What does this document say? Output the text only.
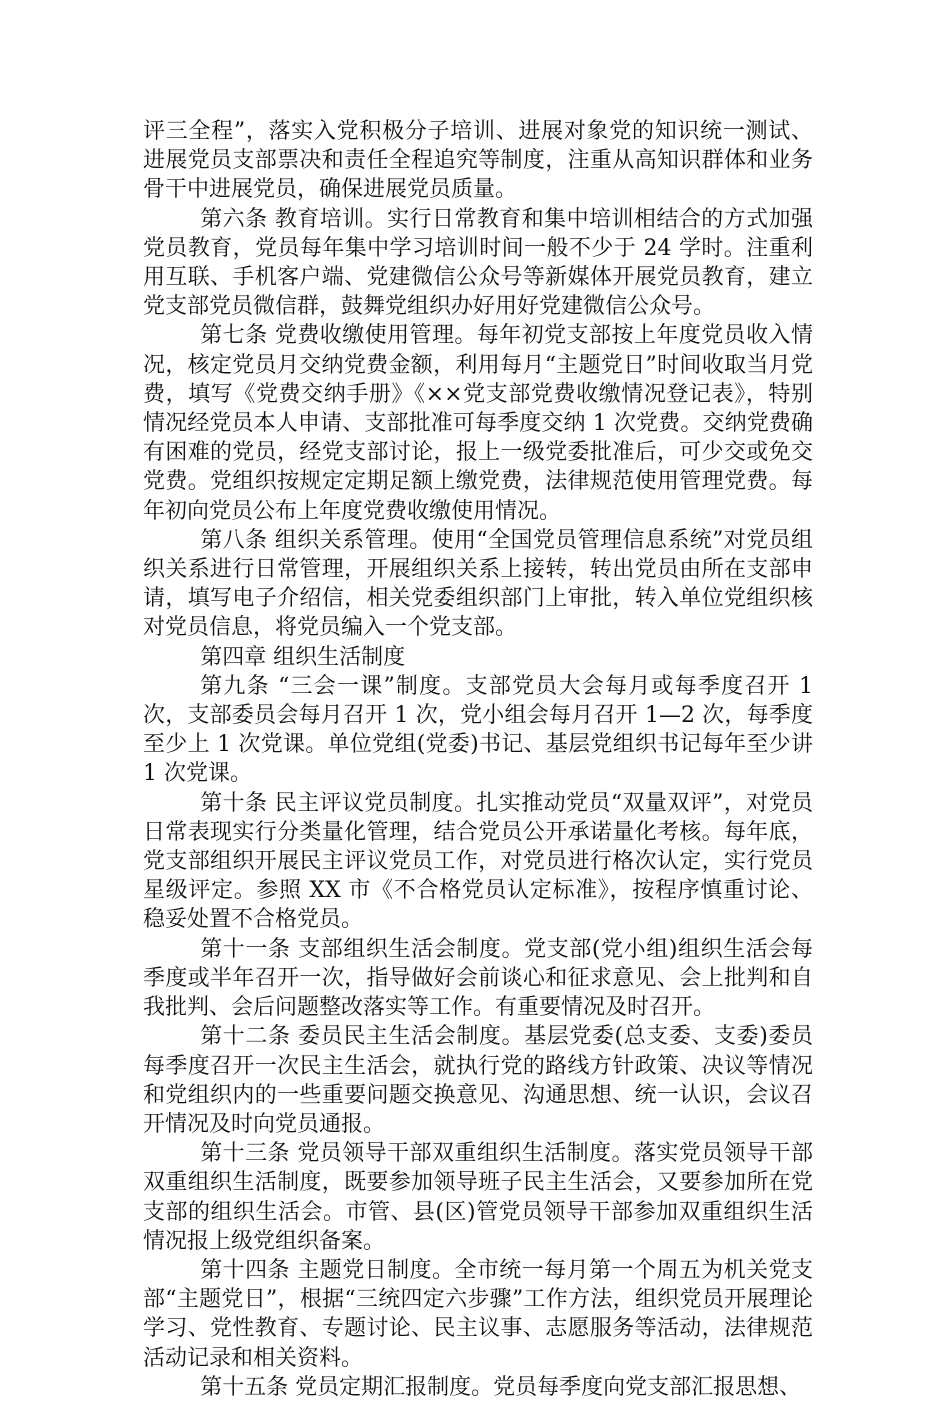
评三全程”，落实入党积极分子培训、进展对象党的知识统一测试、进展党员支部票决和责任全程追究等制度，注重从高知识群体和业务骨干中进展党员，确保进展党员质量。

第六条 教育培训。实行日常教育和集中培训相结合的方式加强党员教育，党员每年集中学习培训时间一般不少于 24 学时。注重利用互联、手机客户端、党建微信公众号等新媒体开展党员教育，建立党支部党员微信群，鼓舞党组织办好用好党建微信公众号。

第七条 党费收缴使用管理。每年初党支部按上年度党员收入情况，核定党员月交纳党费金额，利用每月“主题党日”时间收取当月党费，填写《党费交纳手册》《××党支部党费收缴情况登记表》，特别情况经党员本人申请、支部批准可每季度交纳 1 次党费。交纳党费确有困难的党员，经党支部讨论，报上一级党委批准后，可少交或免交党费。党组织按规定定期足额上缴党费，法律规范使用管理党费。每年初向党员公布上年度党费收缴使用情况。

第八条 组织关系管理。使用“全国党员管理信息系统”对党员组织关系进行日常管理，开展组织关系上接转，转出党员由所在支部申请，填写电子介绍信，相关党委组织部门上审批，转入单位党组织核对党员信息，将党员编入一个党支部。

第四章 组织生活制度

第九条 “三会一课”制度。支部党员大会每月或每季度召开 1 次，支部委员会每月召开 1 次，党小组会每月召开 1—2 次，每季度至少上 1 次党课。单位党组(党委)书记、基层党组织书记每年至少讲 1 次党课。

第十条 民主评议党员制度。扎实推动党员“双量双评”，对党员日常表现实行分类量化管理，结合党员公开承诺量化考核。每年底，党支部组织开展民主评议党员工作，对党员进行格次认定，实行党员星级评定。参照 XX 市《不合格党员认定标准》，按程序慎重讨论、稳妥处置不合格党员。

第十一条 支部组织生活会制度。党支部(党小组)组织生活会每季度或半年召开一次，指导做好会前谈心和征求意见、会上批判和自我批判、会后问题整改落实等工作。有重要情况及时召开。

第十二条 委员民主生活会制度。基层党委(总支委、支委)委员每季度召开一次民主生活会，就执行党的路线方针政策、决议等情况和党组织内的一些重要问题交换意见、沟通思想、统一认识，会议召开情况及时向党员通报。

第十三条 党员领导干部双重组织生活制度。落实党员领导干部双重组织生活制度，既要参加领导班子民主生活会，又要参加所在党支部的组织生活会。市管、县(区)管党员领导干部参加双重组织生活情况报上级党组织备案。

第十四条 主题党日制度。全市统一每月第一个周五为机关党支部“主题党日”，根据“三统四定六步骤”工作方法，组织党员开展理论学习、党性教育、专题讨论、民主议事、志愿服务等活动，法律规范活动记录和相关资料。

第十五条 党员定期汇报制度。党员每季度向党支部汇报思想、
